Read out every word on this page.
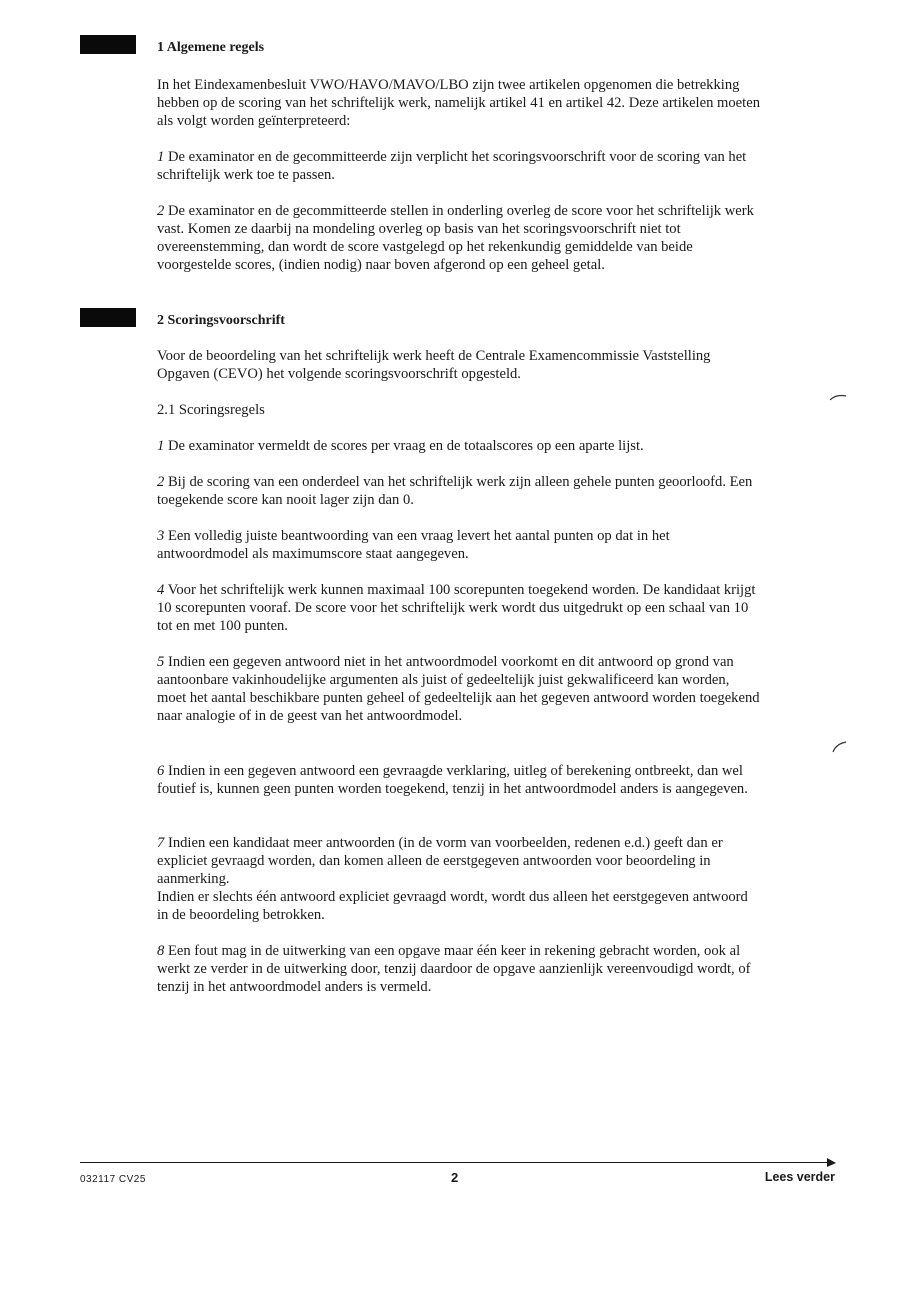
1 Algemene regels

In het Eindexamenbesluit VWO/HAVO/MAVO/LBO zijn twee artikelen opgenomen die betrekking hebben op de scoring van het schriftelijk werk, namelijk artikel 41 en artikel 42. Deze artikelen moeten als volgt worden geïnterpreteerd:

1 De examinator en de gecommitteerde zijn verplicht het scoringsvoorschrift voor de scoring van het schriftelijk werk toe te passen.

2 De examinator en de gecommitteerde stellen in onderling overleg de score voor het schriftelijk werk vast. Komen ze daarbij na mondeling overleg op basis van het scoringsvoorschrift niet tot overeenstemming, dan wordt de score vastgelegd op het rekenkundig gemiddelde van beide voorgestelde scores, (indien nodig) naar boven afgerond op een geheel getal.

2 Scoringsvoorschrift

Voor de beoordeling van het schriftelijk werk heeft de Centrale Examencommissie Vaststelling Opgaven (CEVO) het volgende scoringsvoorschrift opgesteld.

2.1 Scoringsregels

1 De examinator vermeldt de scores per vraag en de totaalscores op een aparte lijst.

2 Bij de scoring van een onderdeel van het schriftelijk werk zijn alleen gehele punten geoorloofd. Een toegekende score kan nooit lager zijn dan 0.

3 Een volledig juiste beantwoording van een vraag levert het aantal punten op dat in het antwoordmodel als maximumscore staat aangegeven.

4 Voor het schriftelijk werk kunnen maximaal 100 scorepunten toegekend worden. De kandidaat krijgt 10 scorepunten vooraf. De score voor het schriftelijk werk wordt dus uitgedrukt op een schaal van 10 tot en met 100 punten.

5 Indien een gegeven antwoord niet in het antwoordmodel voorkomt en dit antwoord op grond van aantoonbare vakinhoudelijke argumenten als juist of gedeeltelijk juist gekwalificeerd kan worden, moet het aantal beschikbare punten geheel of gedeeltelijk aan het gegeven antwoord worden toegekend naar analogie of in de geest van het antwoordmodel.

6 Indien in een gegeven antwoord een gevraagde verklaring, uitleg of berekening ontbreekt, dan wel foutief is, kunnen geen punten worden toegekend, tenzij in het antwoordmodel anders is aangegeven.

7 Indien een kandidaat meer antwoorden (in de vorm van voorbeelden, redenen e.d.) geeft dan er expliciet gevraagd worden, dan komen alleen de eerstgegeven antwoorden voor beoordeling in aanmerking.

Indien er slechts één antwoord expliciet gevraagd wordt, wordt dus alleen het eerstgegeven antwoord in de beoordeling betrokken.

8 Een fout mag in de uitwerking van een opgave maar één keer in rekening gebracht worden, ook al werkt ze verder in de uitwerking door, tenzij daardoor de opgave aanzienlijk vereenvoudigd wordt, of tenzij in het antwoordmodel anders is vermeld.

032117 CV25	2	Lees verder
